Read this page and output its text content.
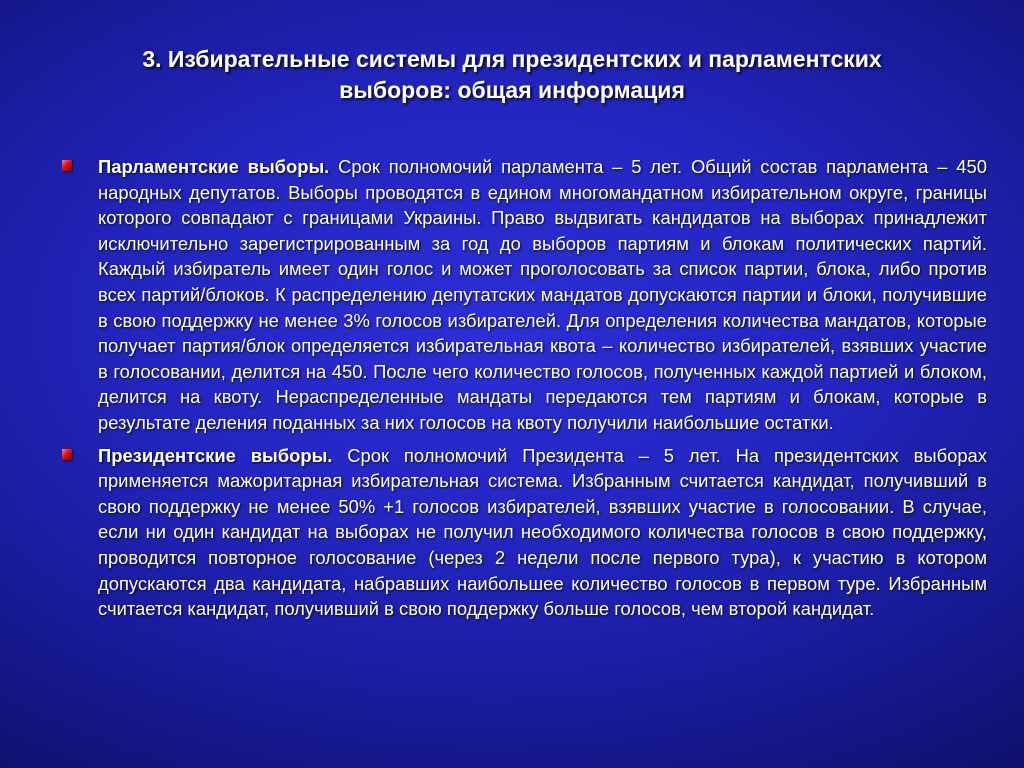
3. Избирательные системы для президентских и парламентских
выборов: общая информация

Парламентские выборы. Срок полномочий парламента – 5 лет. Общий состав парламента – 450 народных депутатов. Выборы проводятся в едином многомандатном избирательном округе, границы которого совпадают с границами Украины. Право выдвигать кандидатов на выборах принадлежит исключительно зарегистрированным за год до выборов партиям и блокам политических партий. Каждый избиратель имеет один голос и может проголосовать за список партии, блока, либо против всех партий/блоков. К распределению депутатских мандатов допускаются партии и блоки, получившие в свою поддержку не менее 3% голосов избирателей. Для определения количества мандатов, которые получает партия/блок определяется избирательная квота – количество избирателей, взявших участие в голосовании, делится на 450. После чего количество голосов, полученных каждой партией и блоком, делится на квоту. Нераспределенные мандаты передаются тем партиям и блокам, которые в результате деления поданных за них голосов на квоту получили наибольшие остатки.

Президентские выборы. Срок полномочий Президента – 5 лет. На президентских выборах применяется мажоритарная избирательная система. Избранным считается кандидат, получивший в свою поддержку не менее 50% +1 голосов избирателей, взявших участие в голосовании. В случае, если ни один кандидат на выборах не получил необходимого количества голосов в свою поддержку, проводится повторное голосование (через 2 недели после первого тура), к участию в котором допускаются два кандидата, набравших наибольшее количество голосов в первом туре. Избранным считается кандидат, получивший в свою поддержку больше голосов, чем второй кандидат.
